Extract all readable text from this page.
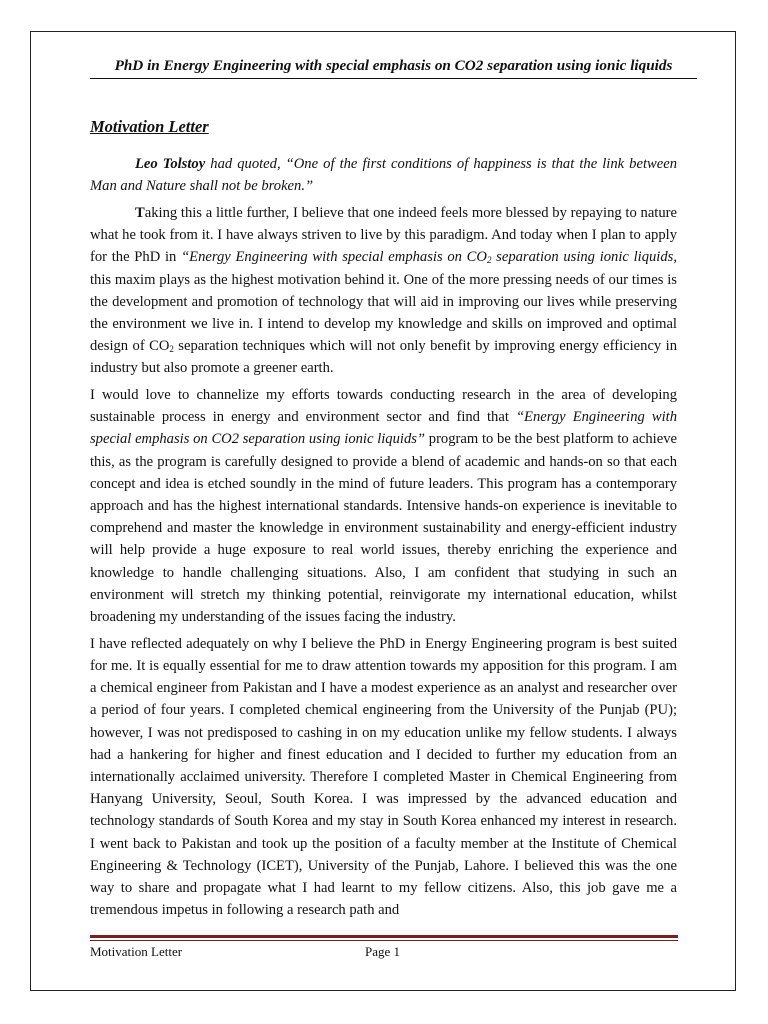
PhD in Energy Engineering with special emphasis on CO2 separation using ionic liquids
Motivation Letter

Leo Tolstoy had quoted, “One of the first conditions of happiness is that the link between Man and Nature shall not be broken.”

Taking this a little further, I believe that one indeed feels more blessed by repaying to nature what he took from it. I have always striven to live by this paradigm. And today when I plan to apply for the PhD in “Energy Engineering with special emphasis on $CO_2$ separation using ionic liquids, this maxim plays as the highest motivation behind it. One of the more pressing needs of our times is the development and promotion of technology that will aid in improving our lives while preserving the environment we live in. I intend to develop my knowledge and skills on improved and optimal design of $CO_2$ separation techniques which will not only benefit by improving energy efficiency in industry but also promote a greener earth.

I would love to channelize my efforts towards conducting research in the area of developing sustainable process in energy and environment sector and find that “Energy Engineering with special emphasis on CO2 separation using ionic liquids” program to be the best platform to achieve this, as the program is carefully designed to provide a blend of academic and hands-on so that each concept and idea is etched soundly in the mind of future leaders. This program has a contemporary approach and has the highest international standards. Intensive hands-on experience is inevitable to comprehend and master the knowledge in environment sustainability and energy-efficient industry will help provide a huge exposure to real world issues, thereby enriching the experience and knowledge to handle challenging situations. Also, I am confident that studying in such an environment will stretch my thinking potential, reinvigorate my international education, whilst broadening my understanding of the issues facing the industry.

I have reflected adequately on why I believe the PhD in Energy Engineering program is best suited for me. It is equally essential for me to draw attention towards my apposition for this program. I am a chemical engineer from Pakistan and I have a modest experience as an analyst and researcher over a period of four years. I completed chemical engineering from the University of the Punjab (PU); however, I was not predisposed to cashing in on my education unlike my fellow students. I always had a hankering for higher and finest education and I decided to further my education from an internationally acclaimed university. Therefore I completed Master in Chemical Engineering from Hanyang University, Seoul, South Korea. I was impressed by the advanced education and technology standards of South Korea and my stay in South Korea enhanced my interest in research. I went back to Pakistan and took up the position of a faculty member at the Institute of Chemical Engineering & Technology (ICET), University of the Punjab, Lahore. I believed this was the one way to share and propagate what I had learnt to my fellow citizens. Also, this job gave me a tremendous impetus in following a research path and

Motivation Letter	Page 1
